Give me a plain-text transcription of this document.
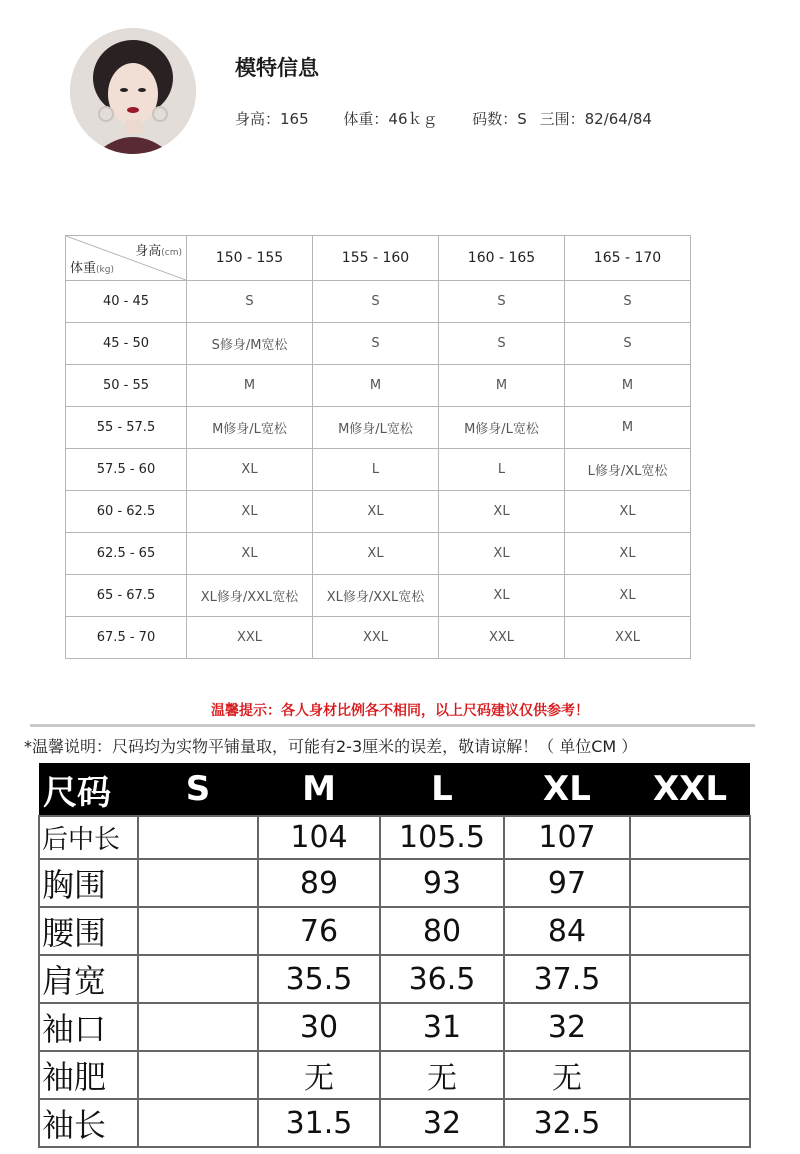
模特信息
身高：165 体重：46ｋｇ 码数：S 三围：82/64/84
身高(cm)
体重(kg)	150 - 155	155 - 160	160 - 165	165 - 170
40 - 45	S	S	S	S
45 - 50	S修身/M宽松	S	S	S
50 - 55	M	M	M	M
55 - 57.5	M修身/L宽松	M修身/L宽松	M修身/L宽松	M
57.5 - 60	XL	L	L	L修身/XL宽松
60 - 62.5	XL	XL	XL	XL
62.5 - 65	XL	XL	XL	XL
65 - 67.5	XL修身/XXL宽松	XL修身/XXL宽松	XL	XL
67.5 - 70	XXL	XXL	XXL	XXL
温馨提示：各人身材比例各不相同，以上尺码建议仅供参考！
*温馨说明：尺码均为实物平铺量取，可能有2-3厘米的误差，敬请谅解！（ 单位CM ）
尺码	S	M	L	XL	XXL
后中长		104	105.5	107	
胸围		89	93	97	
腰围		76	80	84	
肩宽		35.5	36.5	37.5	
袖口		30	31	32	
袖肥		无	无	无	
袖长		31.5	32	32.5	
